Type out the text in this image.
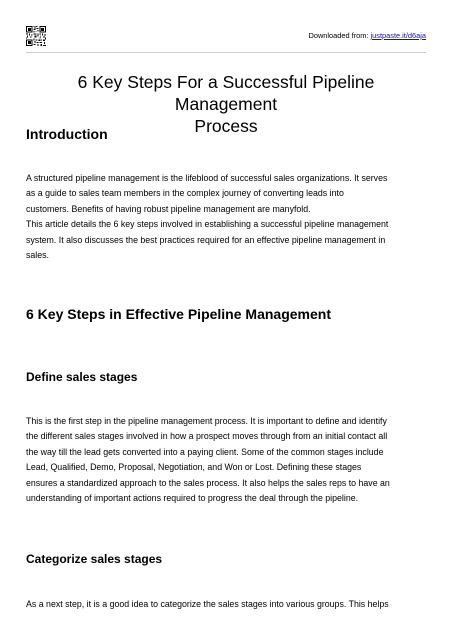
Downloaded from: justpaste.it/d6aja
6 Key Steps For a Successful Pipeline Management
Process
Introduction
A structured pipeline management is the lifeblood of successful sales organizations. It serves
as a guide to sales team members in the complex journey of converting leads into
customers. Benefits of having robust pipeline management are manyfold.
This article details the 6 key steps involved in establishing a successful pipeline management
system. It also discusses the best practices required for an effective pipeline management in
sales.
6 Key Steps in Effective Pipeline Management
Define sales stages
This is the first step in the pipeline management process. It is important to define and identify
the different sales stages involved in how a prospect moves through from an initial contact all
the way till the lead gets converted into a paying client. Some of the common stages include
Lead, Qualified, Demo, Proposal, Negotiation, and Won or Lost. Defining these stages
ensures a standardized approach to the sales process. It also helps the sales reps to have an
understanding of important actions required to progress the deal through the pipeline.
Categorize sales stages
As a next step, it is a good idea to categorize the sales stages into various groups. This helps
